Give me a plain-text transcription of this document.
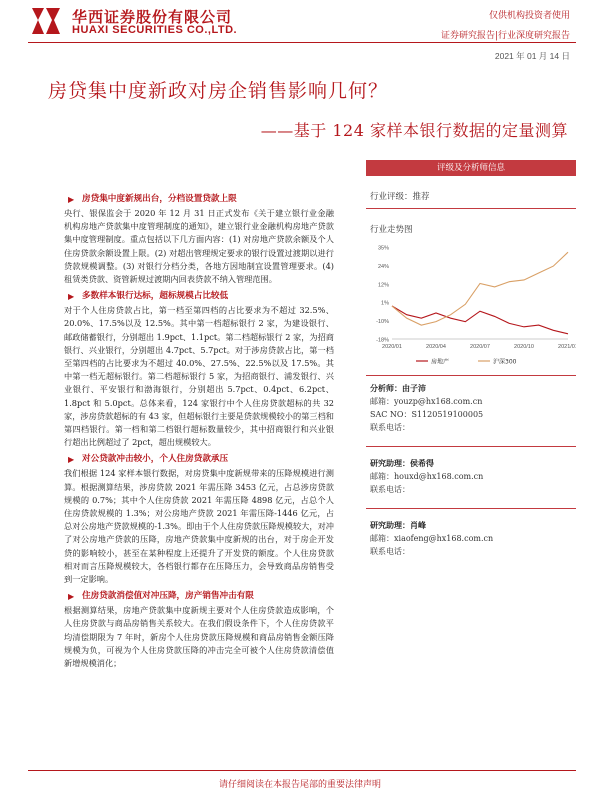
华西证券股份有限公司
HUAXI SECURITIES CO.,LTD.
仅供机构投资者使用
证券研究报告|行业深度研究报告
2021 年 01 月 14 日
房贷集中度新政对房企销售影响几何？
——基于 124 家样本银行数据的定量测算
▶ 房贷集中度新规出台，分档设置贷款上限

央行、银保监会于 2020 年 12 月 31 日正式发布《关于建立银行业金融机构房地产贷款集中度管理制度的通知》，建立银行业金融机构房地产贷款集中度管理制度。重点包括以下几方面内容：(1) 对房地产贷款余额及个人住房贷款余额设置上限。(2) 对超出管理规定要求的银行设置过渡期以进行贷款规模调整。(3) 对银行分档分类，各地方因地制宜设置管理要求。(4) 租赁类贷款、资管新规过渡期内回表贷款不纳入管理范围。

▶ 多数样本银行达标，超标规模占比较低

对于个人住房贷款占比，第一档至第四档的占比要求为不超过 32.5%、20.0%、17.5%以及 12.5%。其中第一档超标银行 2 家，为建设银行、邮政储蓄银行，分别超出 1.9pct、1.1pct。第二档超标银行 2 家，为招商银行、兴业银行，分别超出 4.7pct、5.7pct。对于涉房贷款占比，第一档至第四档的占比要求为不超过 40.0%、27.5%、22.5%以及 17.5%。其中第一档无超标银行。第二档超标银行 5 家，为招商银行、浦发银行、兴业银行、平安银行和渤海银行，分别超出 5.7pct、0.4pct、6.2pct、1.8pct 和 5.0pct。总体来看，124 家银行中个人住房贷款超标的共 32 家，涉房贷款超标的有 43 家，但超标银行主要是贷款规模较小的第三档和第四档银行。第一档和第二档银行超标数量较少，其中招商银行和兴业银行超出比例超过了 2pct，超出规模较大。

▶ 对公贷款冲击较小，个人住房贷款承压

我们根据 124 家样本银行数据，对房贷集中度新规带来的压降规模进行测算。根据测算结果，涉房贷款 2021 年需压降 3453 亿元，占总涉房贷款规模的 0.7%；其中个人住房贷款 2021 年需压降 4898 亿元，占总个人住房贷款规模的 1.3%；对公房地产贷款 2021 年需压降-1446 亿元，占总对公房地产贷款规模的-1.3%。即由于个人住房贷款压降规模较大，对冲了对公房地产贷款的压降，房地产贷款集中度新规的出台，对于房企开发贷的影响较小，甚至在某种程度上还提升了开发贷的额度。个人住房贷款相对而言压降规模较大，各档银行都存在压降压力，会导致商品房销售受到一定影响。

▶ 住房贷款消偿值对冲压降，房产销售冲击有限

根据测算结果，房地产贷款集中度新规主要对个人住房贷款造成影响，个人住房贷款与商品房销售关系较大。在我们假设条件下，个人住房贷款平均清偿期限为 7 年时，新房个人住房贷款压降规模和商品房销售金额压降规模为负，可视为个人住房贷款压降的冲击完全可被个人住房贷款清偿值新增规模消化；

评级及分析师信息
行业评级：推荐
行业走势图
35%
24%
12%
1%
-10%
-18%
2020/01	2020/04	2020/07	2020/10	2021/01
房地产	沪深300
分析师：由子沛
邮箱：youzp@hx168.com.cn
SAC NO：S1120519100005
联系电话：
研究助理：侯希得
邮箱：houxd@hx168.com.cn
联系电话：
研究助理：肖峰
邮箱：xiaofeng@hx168.com.cn
联系电话：
请仔细阅读在本报告尾部的重要法律声明
